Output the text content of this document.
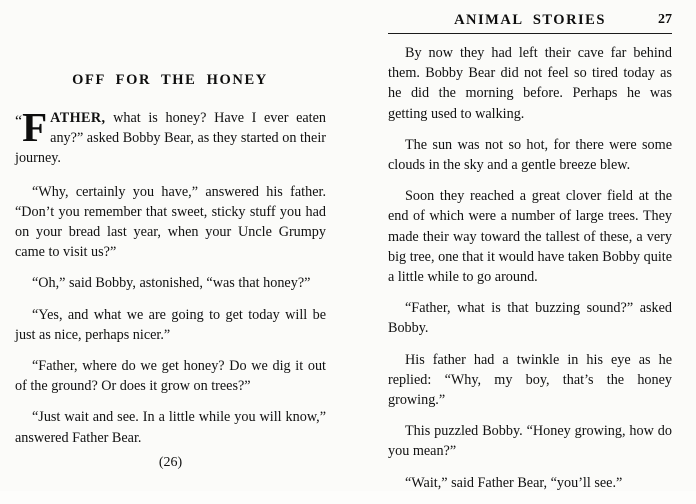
OFF FOR THE HONEY

“ F ATHER, what is honey? Have I ever eaten any?” asked Bobby Bear, as they started on their journey.

“Why, certainly you have,” answered his father. “Don’t you remember that sweet, sticky stuff you had on your bread last year, when your Uncle Grumpy came to visit us?”

“Oh,” said Bobby, astonished, “was that honey?”

“Yes, and what we are going to get today will be just as nice, perhaps nicer.”

“Father, where do we get honey? Do we dig it out of the ground? Or does it grow on trees?”

“Just wait and see. In a little while you will know,” answered Father Bear.

(26)
ANIMAL STORIES	27

By now they had left their cave far behind them. Bobby Bear did not feel so tired today as he did the morning before. Perhaps he was getting used to walking.

The sun was not so hot, for there were some clouds in the sky and a gentle breeze blew.

Soon they reached a great clover field at the end of which were a number of large trees. They made their way toward the tallest of these, a very big tree, one that it would have taken Bobby quite a little while to go around.

“Father, what is that buzzing sound?” asked Bobby.

His father had a twinkle in his eye as he replied: “Why, my boy, that’s the honey growing.”

This puzzled Bobby. “Honey growing, how do you mean?”

“Wait,” said Father Bear, “you’ll see.”
